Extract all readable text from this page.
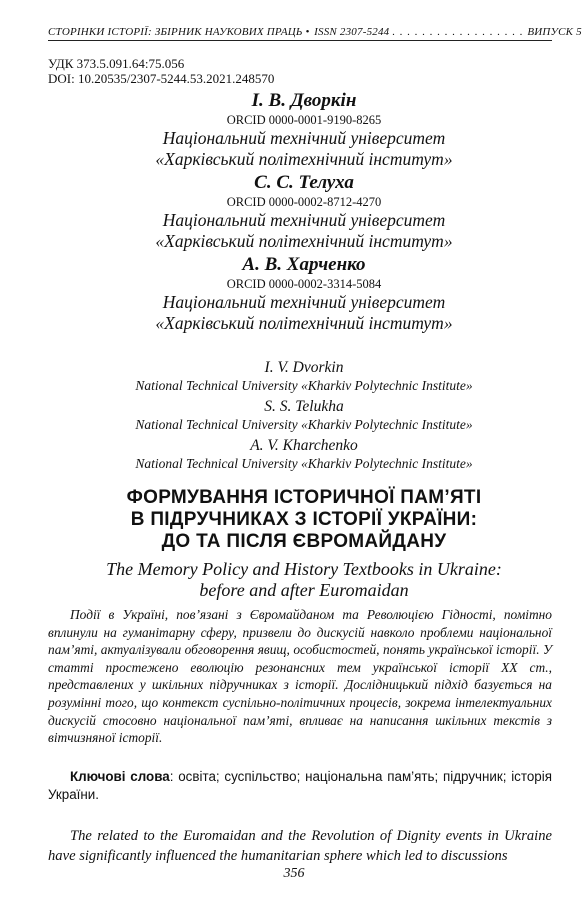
СТОРІНКИ ІСТОРІЇ: ЗБІРНИК НАУКОВИХ ПРАЦЬ • ISSN 2307-5244 . . . . . . . . . . . . . . . . . . ВИПУСК 5
УДК 373.5.091.64:75.056
DOI: 10.20535/2307-5244.53.2021.248570
І. В. Дворкін
ORCID 0000-0001-9190-8265
Національний технічний університет
«Харківський політехнічний інститут»
С. С. Телуха
ORCID 0000-0002-8712-4270
Національний технічний університет
«Харківський політехнічний інститут»
А. В. Харченко
ORCID 0000-0002-3314-5084
Національний технічний університет
«Харківський політехнічний інститут»
I. V. Dvorkin
National Technical University «Kharkiv Polytechnic Institute»
S. S. Telukha
National Technical University «Kharkiv Polytechnic Institute»
A. V. Kharchenko
National Technical University «Kharkiv Polytechnic Institute»
ФОРМУВАННЯ ІСТОРИЧНОЇ ПАМ’ЯТІ
В ПІДРУЧНИКАХ З ІСТОРІЇ УКРАЇНИ:
ДО ТА ПІСЛЯ ЄВРОМАЙДАНУ
The Memory Policy and History Textbooks in Ukraine:
before and after Euromaidan
Події в Україні, пов’язані з Євромайданом та Революцією Гідності, помітно вплинули на гуманітарну сферу, призвели до дискусій навколо проблеми національної пам’яті, актуалізували обговорення явищ, особистостей, понять української історії. У статті простежено еволюцію резонансних тем української історії ХХ ст., представлених у шкільних підручниках з історії. Дослідницький підхід базується на розумінні того, що контекст суспільно-політичних процесів, зокрема інтелектуальних дискусій стосовно національної пам’яті, впливає на написання шкільних текстів з вітчизняної історії.
Ключові слова: освіта; суспільство; національна пам’ять; підручник; історія України.
The related to the Euromaidan and the Revolution of Dignity events in Ukraine have significantly influenced the humanitarian sphere which led to discussions
356
